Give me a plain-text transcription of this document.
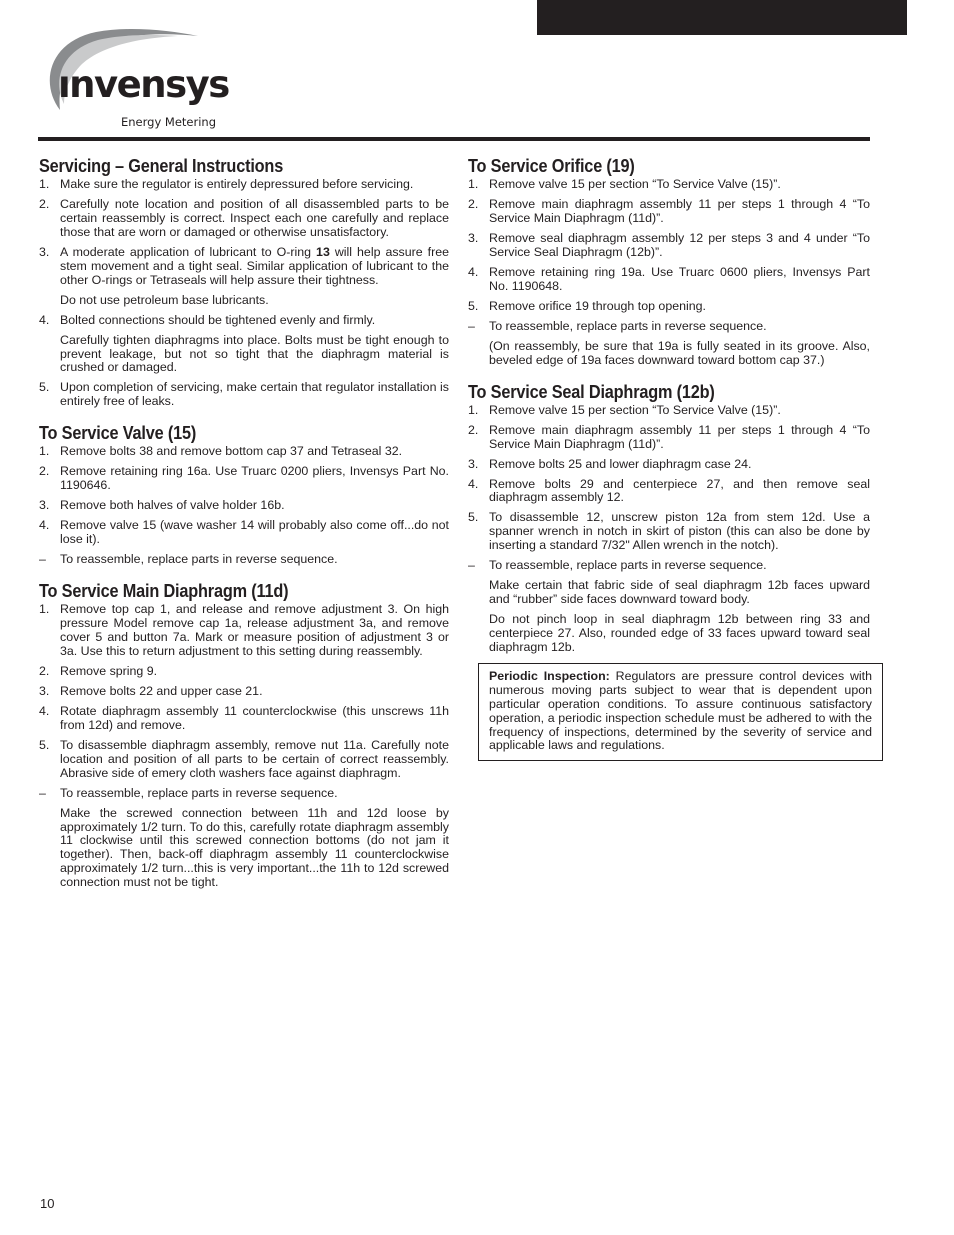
ınvensys
Energy Metering
Servicing – General Instructions
1. Make sure the regulator is entirely depressured before servicing.
2. Carefully note location and position of all disassembled parts to be certain reassembly is correct. Inspect each one carefully and replace those that are worn or damaged or otherwise unsatisfactory.
3. A moderate application of lubricant to O-ring 13 will help assure free stem movement and a tight seal. Similar application of lubricant to the other O-rings or Tetraseals will help assure their tightness.
Do not use petroleum base lubricants.
4. Bolted connections should be tightened evenly and firmly.
Carefully tighten diaphragms into place. Bolts must be tight enough to prevent leakage, but not so tight that the diaphragm material is crushed or damaged.
5. Upon completion of servicing, make certain that regulator installation is entirely free of leaks.
To Service Valve (15)
1. Remove bolts 38 and remove bottom cap 37 and Tetraseal 32.
2. Remove retaining ring 16a. Use Truarc 0200 pliers, Invensys Part No. 1190646.
3. Remove both halves of valve holder 16b.
4. Remove valve 15 (wave washer 14 will probably also come off...do not lose it).
– To reassemble, replace parts in reverse sequence.
To Service Main Diaphragm (11d)
1. Remove top cap 1, and release and remove adjustment 3. On high pressure Model remove cap 1a, release adjustment 3a, and remove cover 5 and button 7a. Mark or measure position of adjustment 3 or 3a. Use this to return adjustment to this setting during reassembly.
2. Remove spring 9.
3. Remove bolts 22 and upper case 21.
4. Rotate diaphragm assembly 11 counterclockwise (this unscrews 11h from 12d) and remove.
5. To disassemble diaphragm assembly, remove nut 11a. Carefully note location and position of all parts to be certain of correct reassembly. Abrasive side of emery cloth washers face against diaphragm.
– To reassemble, replace parts in reverse sequence.
Make the screwed connection between 11h and 12d loose by approximately 1/2 turn. To do this, carefully rotate diaphragm assembly 11 clockwise until this screwed connection bottoms (do not jam it together). Then, back-off diaphragm assembly 11 counterclockwise approximately 1/2 turn...this is very important...the 11h to 12d screwed connection must not be tight.
To Service Orifice (19)
1. Remove valve 15 per section “To Service Valve (15)”.
2. Remove main diaphragm assembly 11 per steps 1 through 4 “To Service Main Diaphragm (11d)”.
3. Remove seal diaphragm assembly 12 per steps 3 and 4 under “To Service Seal Diaphragm (12b)”.
4. Remove retaining ring 19a. Use Truarc 0600 pliers, Invensys Part No. 1190648.
5. Remove orifice 19 through top opening.
– To reassemble, replace parts in reverse sequence.
(On reassembly, be sure that 19a is fully seated in its groove. Also, beveled edge of 19a faces downward toward bottom cap 37.)
To Service Seal Diaphragm (12b)
1. Remove valve 15 per section “To Service Valve (15)”.
2. Remove main diaphragm assembly 11 per steps 1 through 4 “To Service Main Diaphragm (11d)”.
3. Remove bolts 25 and lower diaphragm case 24.
4. Remove bolts 29 and centerpiece 27, and then remove seal diaphragm assembly 12.
5. To disassemble 12, unscrew piston 12a from stem 12d. Use a spanner wrench in notch in skirt of piston (this can also be done by inserting a standard 7/32" Allen wrench in the notch).
– To reassemble, replace parts in reverse sequence.
Make certain that fabric side of seal diaphragm 12b faces upward and “rubber” side faces downward toward body.
Do not pinch loop in seal diaphragm 12b between ring 33 and centerpiece 27. Also, rounded edge of 33 faces upward toward seal diaphragm 12b.
Periodic Inspection: Regulators are pressure control devices with numerous moving parts subject to wear that is dependent upon particular operation conditions. To assure continuous satisfactory operation, a periodic inspection schedule must be adhered to with the frequency of inspections, determined by the severity of service and applicable laws and regulations.
10
